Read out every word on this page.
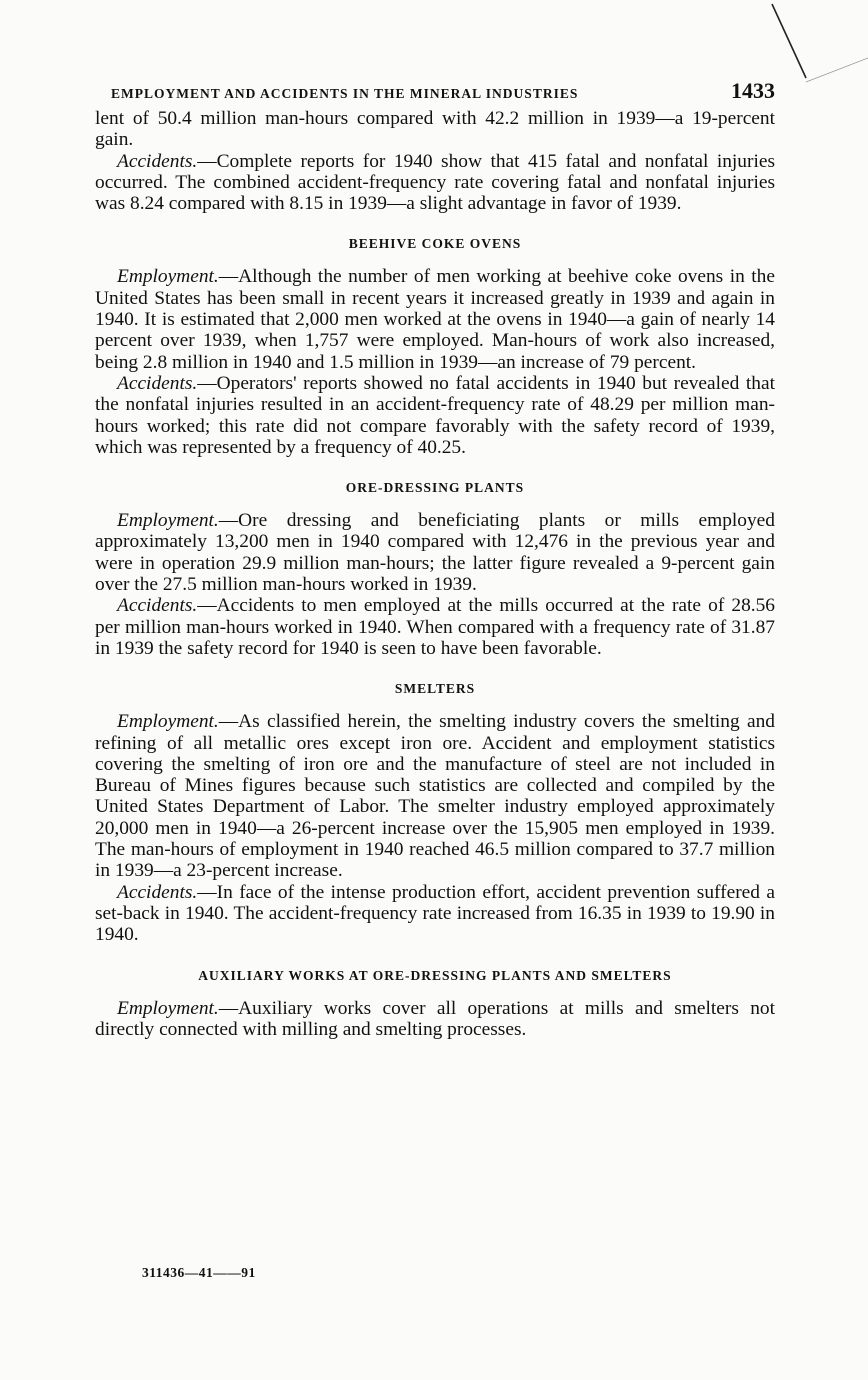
EMPLOYMENT AND ACCIDENTS IN THE MINERAL INDUSTRIES	1433

lent of 50.4 million man-hours compared with 42.2 million in 1939—a 19-percent gain.

Accidents.—Complete reports for 1940 show that 415 fatal and nonfatal injuries occurred. The combined accident-frequency rate covering fatal and nonfatal injuries was 8.24 compared with 8.15 in 1939—a slight advantage in favor of 1939.

BEEHIVE COKE OVENS

Employment.—Although the number of men working at beehive coke ovens in the United States has been small in recent years it increased greatly in 1939 and again in 1940. It is estimated that 2,000 men worked at the ovens in 1940—a gain of nearly 14 percent over 1939, when 1,757 were employed. Man-hours of work also increased, being 2.8 million in 1940 and 1.5 million in 1939—an increase of 79 percent.

Accidents.—Operators' reports showed no fatal accidents in 1940 but revealed that the nonfatal injuries resulted in an accident-frequency rate of 48.29 per million man-hours worked; this rate did not compare favorably with the safety record of 1939, which was represented by a frequency of 40.25.

ORE-DRESSING PLANTS

Employment.—Ore dressing and beneficiating plants or mills employed approximately 13,200 men in 1940 compared with 12,476 in the previous year and were in operation 29.9 million man-hours; the latter figure revealed a 9-percent gain over the 27.5 million man-hours worked in 1939.

Accidents.—Accidents to men employed at the mills occurred at the rate of 28.56 per million man-hours worked in 1940. When compared with a frequency rate of 31.87 in 1939 the safety record for 1940 is seen to have been favorable.

SMELTERS

Employment.—As classified herein, the smelting industry covers the smelting and refining of all metallic ores except iron ore. Accident and employment statistics covering the smelting of iron ore and the manufacture of steel are not included in Bureau of Mines figures because such statistics are collected and compiled by the United States Department of Labor. The smelter industry employed approximately 20,000 men in 1940—a 26-percent increase over the 15,905 men employed in 1939. The man-hours of employment in 1940 reached 46.5 million compared to 37.7 million in 1939—a 23-percent increase.

Accidents.—In face of the intense production effort, accident prevention suffered a set-back in 1940. The accident-frequency rate increased from 16.35 in 1939 to 19.90 in 1940.

AUXILIARY WORKS AT ORE-DRESSING PLANTS AND SMELTERS

Employment.—Auxiliary works cover all operations at mills and smelters not directly connected with milling and smelting processes.

311436—41——91
